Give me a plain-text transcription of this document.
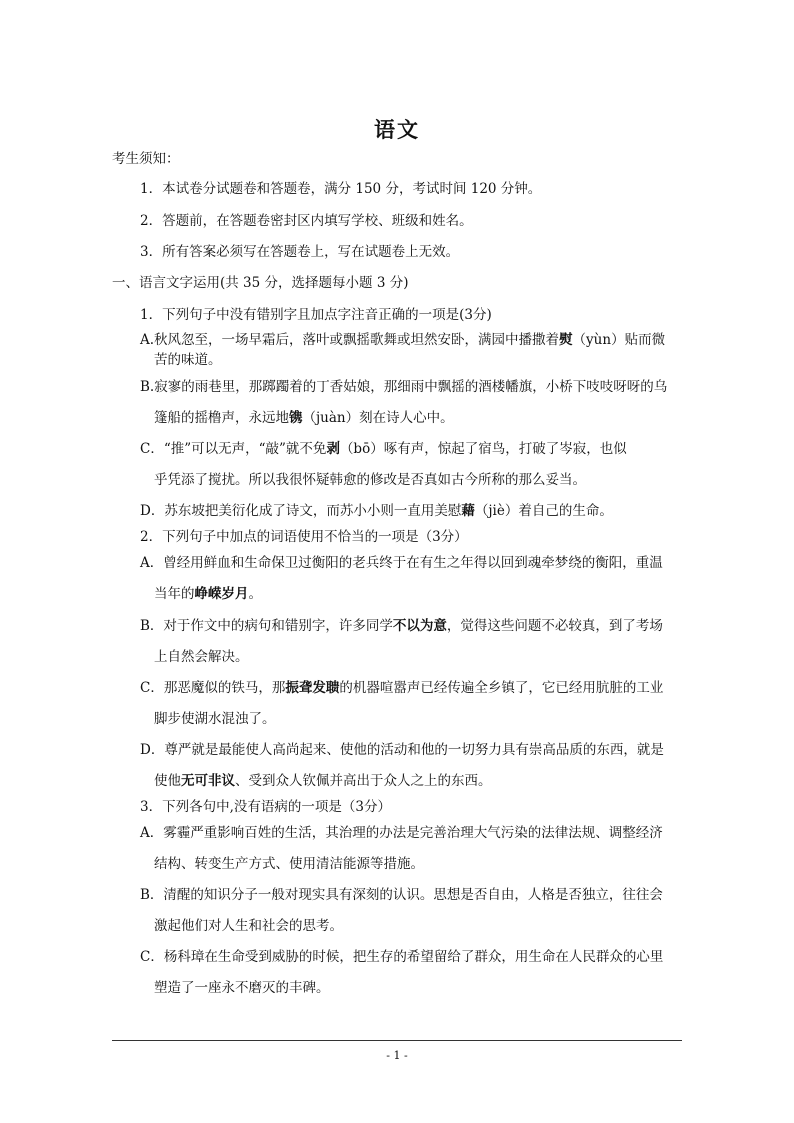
语文
考生须知：
1．本试卷分试题卷和答题卷，满分 150 分，考试时间 120 分钟。
2．答题前，在答题卷密封区内填写学校、班级和姓名。
3．所有答案必须写在答题卷上，写在试题卷上无效。
一、语言文字运用(共 35 分，选择题每小题 3 分)
1．下列句子中没有错别字且加点字注音正确的一项是(3分)
A.秋风忽至，一场早霜后，落叶或飘摇歌舞或坦然安卧，满园中播撒着熨（yùn）贴而微
苦的味道。
B.寂寥的雨巷里，那踯躅着的丁香姑娘，那细雨中飘摇的酒楼幡旗，小桥下吱吱呀呀的乌
篷船的摇橹声，永远地镌（juàn）刻在诗人心中。
C．“推”可以无声，“敲”就不免剥（bō）啄有声，惊起了宿鸟，打破了岑寂，也似
乎凭添了搅扰。所以我很怀疑韩愈的修改是否真如古今所称的那么妥当。
D．苏东坡把美衍化成了诗文，而苏小小则一直用美慰藉（jiè）着自己的生命。
2．下列句子中加点的词语使用不恰当的一项是（3分）
A．曾经用鲜血和生命保卫过衡阳的老兵终于在有生之年得以回到魂牵梦绕的衡阳，重温
当年的峥嵘岁月。
B．对于作文中的病句和错别字，许多同学不以为意，觉得这些问题不必较真，到了考场
上自然会解决。
C．那恶魔似的铁马，那振聋发聩的机器喧嚣声已经传遍全乡镇了，它已经用肮脏的工业
脚步使湖水混浊了。
D．尊严就是最能使人高尚起来、使他的活动和他的一切努力具有崇高品质的东西，就是
使他无可非议、受到众人钦佩并高出于众人之上的东西。
3．下列各句中,没有语病的一项是（3分）
A．雾霾严重影响百姓的生活，其治理的办法是完善治理大气污染的法律法规、调整经济
结构、转变生产方式、使用清洁能源等措施。
B．清醒的知识分子一般对现实具有深刻的认识。思想是否自由，人格是否独立，往往会
激起他们对人生和社会的思考。
C．杨科璋在生命受到威胁的时候，把生存的希望留给了群众，用生命在人民群众的心里
塑造了一座永不磨灭的丰碑。
- 1 -
